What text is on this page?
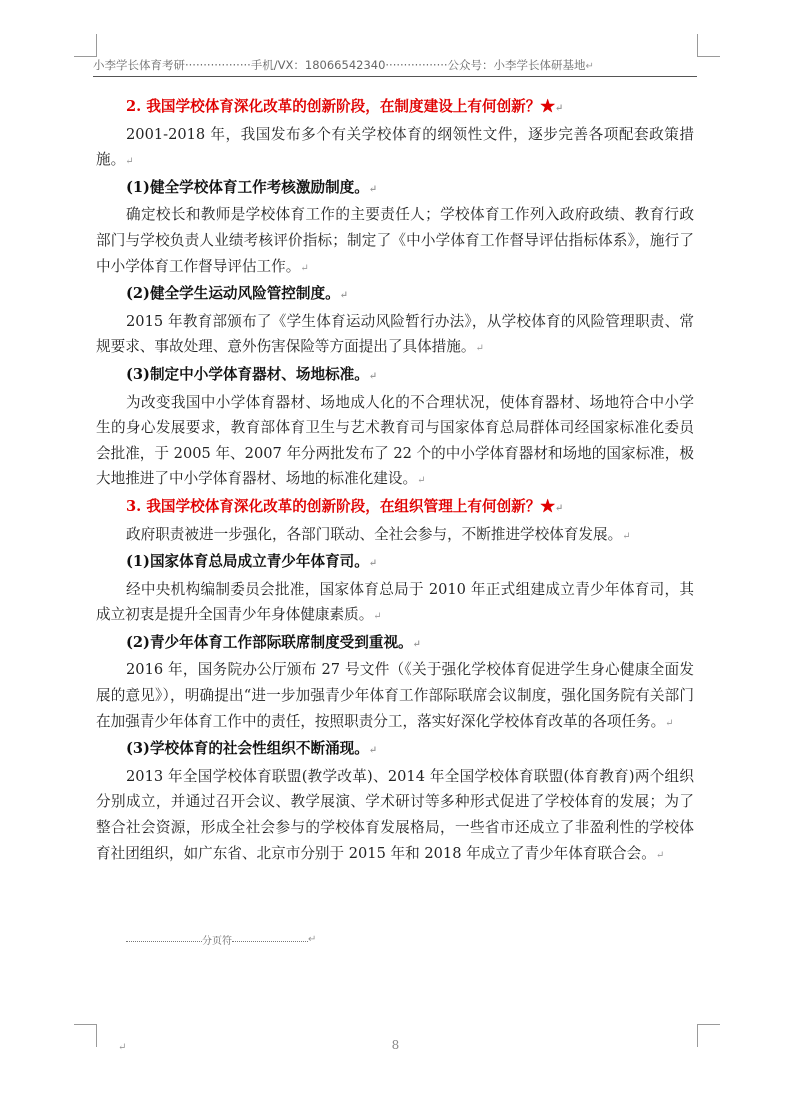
小李学长体育考研··················手机/VX：18066542340·················公众号：小李学长体研基地↵

2. 我国学校体育深化改革的创新阶段，在制度建设上有何创新？★↵

2001-2018 年，我国发布多个有关学校体育的纲领性文件，逐步完善各项配套政策措施。↵

(1)健全学校体育工作考核激励制度。↵

确定校长和教师是学校体育工作的主要责任人；学校体育工作列入政府政绩、教育行政部门与学校负责人业绩考核评价指标；制定了《中小学体育工作督导评估指标体系》，施行了中小学体育工作督导评估工作。↵

(2)健全学生运动风险管控制度。↵

2015 年教育部颁布了《学生体育运动风险暂行办法》，从学校体育的风险管理职责、常规要求、事故处理、意外伤害保险等方面提出了具体措施。↵

(3)制定中小学体育器材、场地标准。↵

为改变我国中小学体育器材、场地成人化的不合理状况，使体育器材、场地符合中小学生的身心发展要求，教育部体育卫生与艺术教育司与国家体育总局群体司经国家标准化委员会批准，于 2005 年、2007 年分两批发布了 22 个的中小学体育器材和场地的国家标准，极大地推进了中小学体育器材、场地的标准化建设。↵

3. 我国学校体育深化改革的创新阶段，在组织管理上有何创新？★↵

政府职责被进一步强化，各部门联动、全社会参与，不断推进学校体育发展。↵

(1)国家体育总局成立青少年体育司。↵

经中央机构编制委员会批准，国家体育总局于 2010 年正式组建成立青少年体育司，其成立初衷是提升全国青少年身体健康素质。↵

(2)青少年体育工作部际联席制度受到重视。↵

2016 年，国务院办公厅颁布 27 号文件（《关于强化学校体育促进学生身心健康全面发展的意见》），明确提出“进一步加强青少年体育工作部际联席会议制度，强化国务院有关部门在加强青少年体育工作中的责任，按照职责分工，落实好深化学校体育改革的各项任务。↵

(3)学校体育的社会性组织不断涌现。↵

2013 年全国学校体育联盟(教学改革)、2014 年全国学校体育联盟(体育教育)两个组织分别成立，并通过召开会议、教学展演、学术研讨等多种形式促进了学校体育的发展；为了整合社会资源，形成全社会参与的学校体育发展格局，一些省市还成立了非盈利性的学校体育社团组织，如广东省、北京市分别于 2015 年和 2018 年成立了青少年体育联合会。↵

分页符	↵
↵	8
